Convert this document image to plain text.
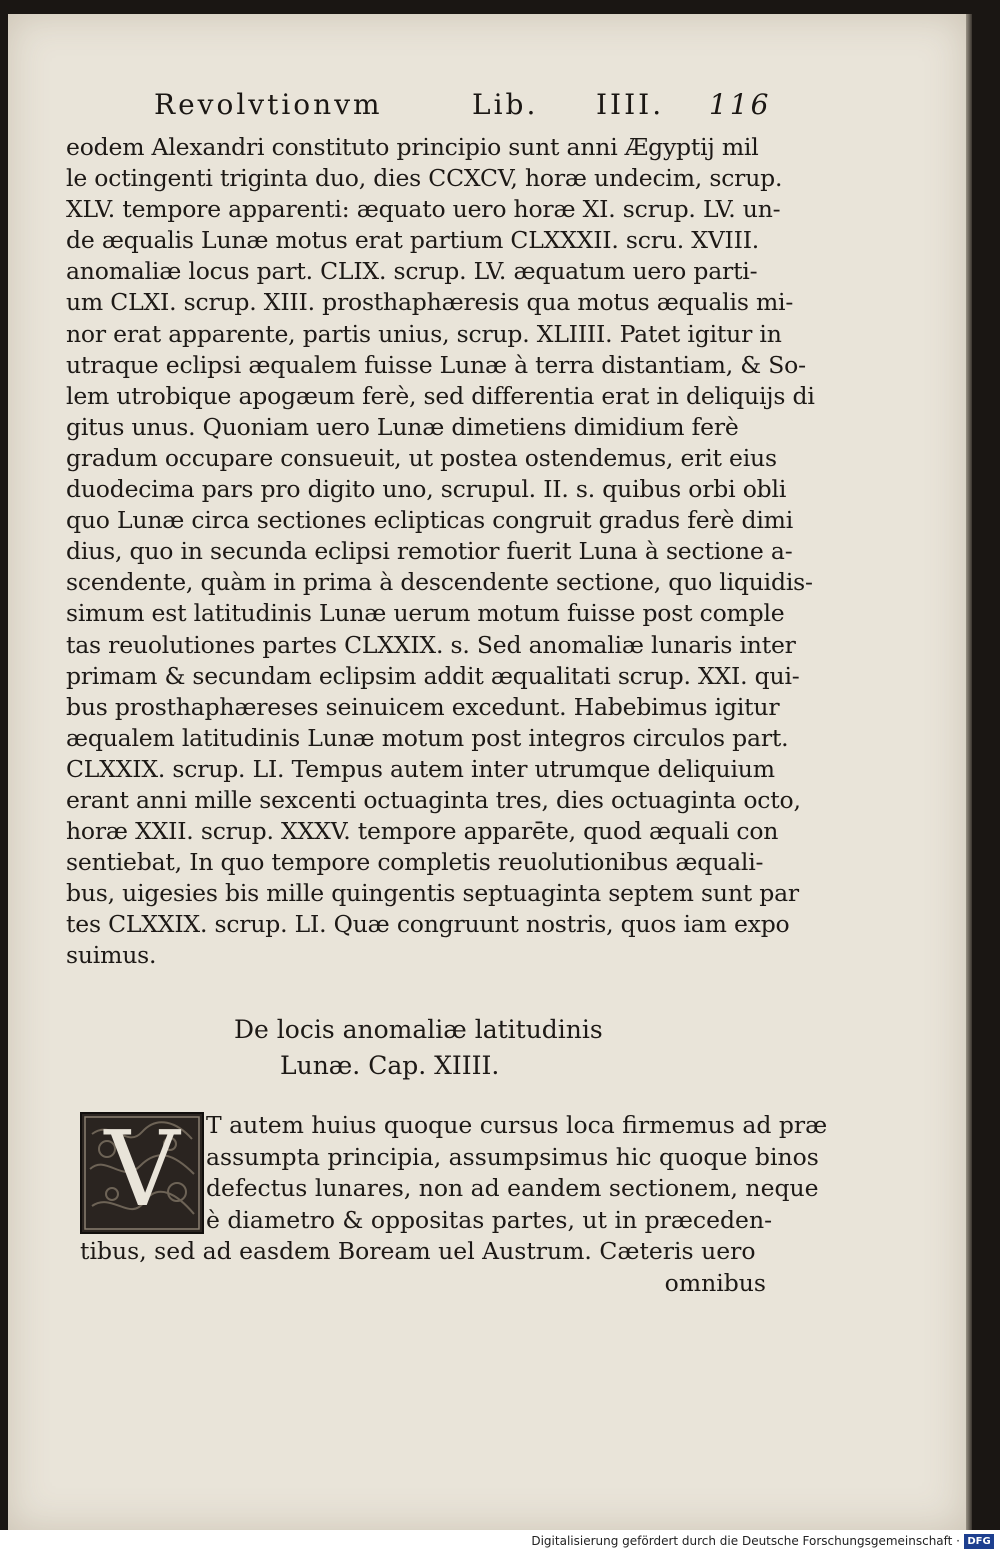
Revolvtionvm	Lib. IIII. 116
eodem Alexandri constituto principio sunt anni Ægyptij mil
le octingenti triginta duo, dies CCXCV, horæ undecim, scrup.
XLV. tempore apparenti: æquato uero horæ XI. scrup. LV. un-
de æqualis Lunæ motus erat partium CLXXXII. scru. XVIII.
anomaliæ locus part. CLIX. scrup. LV. æquatum uero parti-
um CLXI. scrup. XIII. prosthaphæresis qua motus æqualis mi-
nor erat apparente, partis unius, scrup. XLIIII. Patet igitur in
utraque eclipsi æqualem fuisse Lunæ à terra distantiam, & So-
lem utrobique apogæum ferè, sed differentia erat in deliquijs di
gitus unus. Quoniam uero Lunæ dimetiens dimidium ferè
gradum occupare consueuit, ut postea ostendemus, erit eius
duodecima pars pro digito uno, scrupul. II. s. quibus orbi obli
quo Lunæ circa sectiones eclipticas congruit gradus ferè dimi
dius, quo in secunda eclipsi remotior fuerit Luna à sectione a-
scendente, quàm in prima à descendente sectione, quo liquidis-
simum est latitudinis Lunæ uerum motum fuisse post comple
tas reuolutiones partes CLXXIX. s. Sed anomaliæ lunaris inter
primam & secundam eclipsim addit æqualitati scrup. XXI. qui-
bus prosthaphæreses seinuicem excedunt. Habebimus igitur
æqualem latitudinis Lunæ motum post integros circulos part.
CLXXIX. scrup. LI. Tempus autem inter utrumque deliquium
erant anni mille sexcenti octuaginta tres, dies octuaginta octo,
horæ XXII. scrup. XXXV. tempore apparēte, quod æquali con
sentiebat, In quo tempore completis reuolutionibus æquali-
bus, uigesies bis mille quingentis septuaginta septem sunt par
tes CLXXIX. scrup. LI. Quæ congruunt nostris, quos iam expo
suimus.
De locis anomaliæ latitudinis
Lunæ. Cap. XIIII.
V	T autem huius quoque cursus loca firmemus ad præ
assumpta principia, assumpsimus hic quoque binos
defectus lunares, non ad eandem sectionem, neque
è diametro & oppositas partes, ut in præceden-
tibus, sed ad easdem Boream uel Austrum. Cæteris uero
omnibus
Digitalisierung gefördert durch die Deutsche Forschungsgemeinschaft · DFG
